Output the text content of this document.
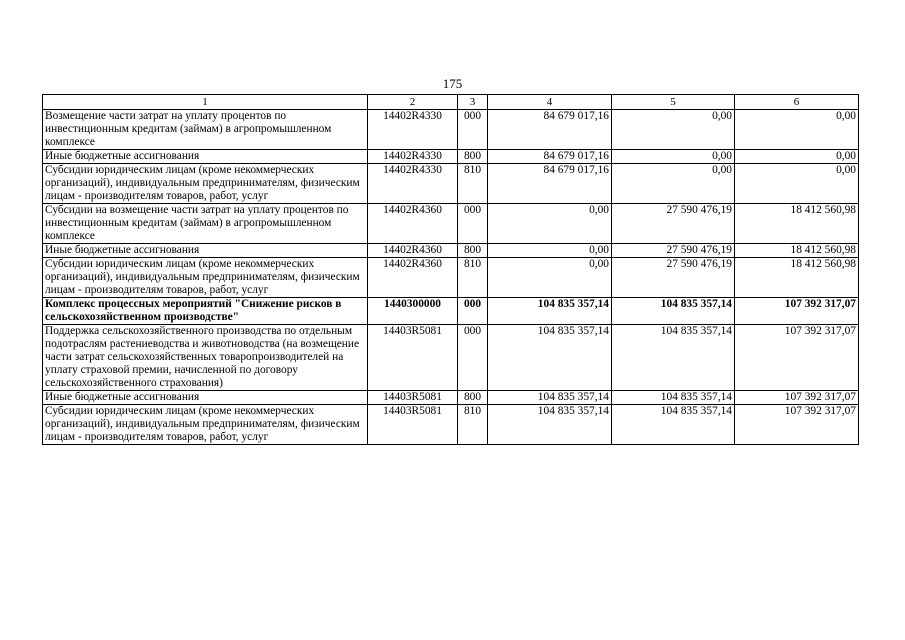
175
1	2	3	4	5	6
Возмещение части затрат на уплату процентов по инвестиционным кредитам (займам) в агропромышленном комплексе	14402R4330	000	84 679 017,16	0,00	0,00
Иные бюджетные ассигнования	14402R4330	800	84 679 017,16	0,00	0,00
Субсидии юридическим лицам (кроме некоммерческих организаций), индивидуальным предпринимателям, физическим лицам - производителям товаров, работ, услуг	14402R4330	810	84 679 017,16	0,00	0,00
Субсидии на возмещение части затрат на уплату процентов по инвестиционным кредитам (займам) в агропромышленном комплексе	14402R4360	000	0,00	27 590 476,19	18 412 560,98
Иные бюджетные ассигнования	14402R4360	800	0,00	27 590 476,19	18 412 560,98
Субсидии юридическим лицам (кроме некоммерческих организаций), индивидуальным предпринимателям, физическим лицам - производителям товаров, работ, услуг	14402R4360	810	0,00	27 590 476,19	18 412 560,98
Комплекс процессных мероприятий "Снижение рисков в сельскохозяйственном производстве"	1440300000	000	104 835 357,14	104 835 357,14	107 392 317,07
Поддержка сельскохозяйственного производства по отдельным подотраслям растениеводства и животноводства (на возмещение части затрат сельскохозяйственных товаропроизводителей на уплату страховой премии, начисленной по договору сельскохозяйственного страхования)	14403R5081	000	104 835 357,14	104 835 357,14	107 392 317,07
Иные бюджетные ассигнования	14403R5081	800	104 835 357,14	104 835 357,14	107 392 317,07
Субсидии юридическим лицам (кроме некоммерческих организаций), индивидуальным предпринимателям, физическим лицам - производителям товаров, работ, услуг	14403R5081	810	104 835 357,14	104 835 357,14	107 392 317,07
